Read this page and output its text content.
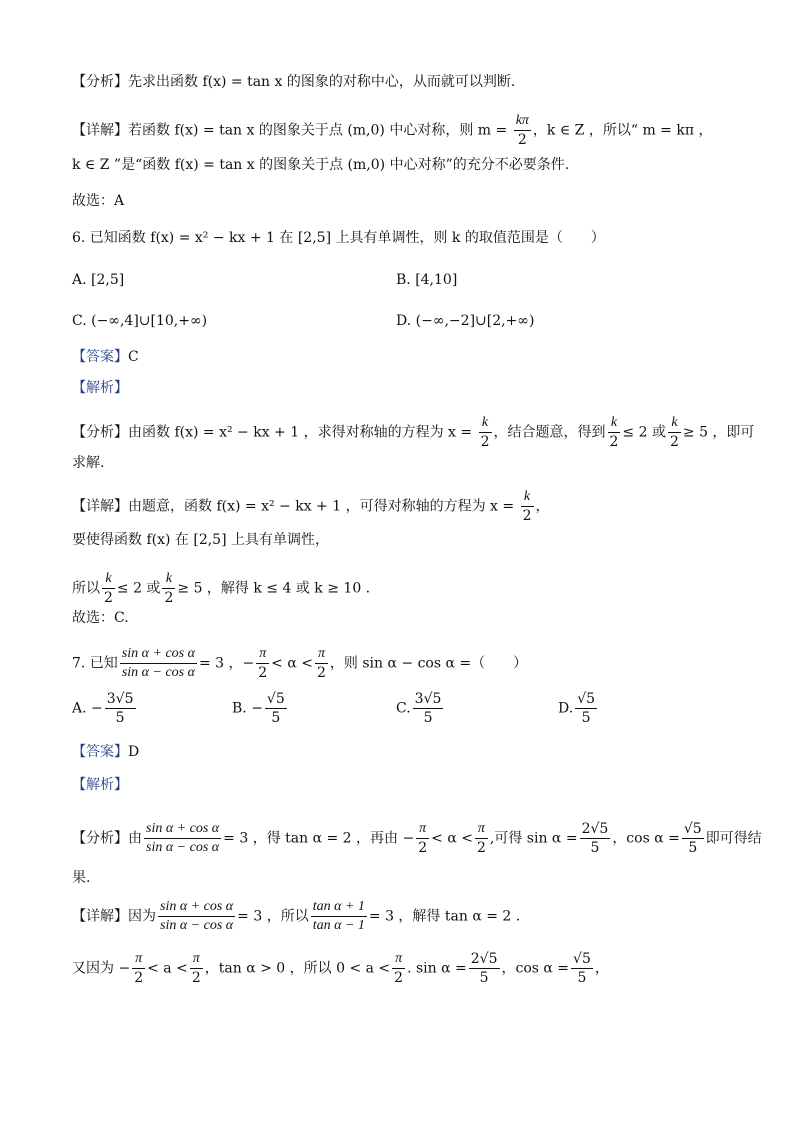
【分析】先求出函数 f(x) = tan x 的图象的对称中心，从而就可以判断.
【详解】若函数 f(x) = tan x 的图象关于点 (m,0) 中心对称，则 $m = \frac{k\pi}{2}$ ，k ∈ Z ，所以“ m = kπ ，
k ∈ Z ”是“函数 f(x) = tan x 的图象关于点 (m,0) 中心对称”的充分不必要条件.
故选：A
6. 已知函数 f(x) = x² − kx + 1 在 [2,5] 上具有单调性，则 k 的取值范围是（　　）
A. [2,5]	B. [4,10]
C. (−∞,4]∪[10,+∞)	D. (−∞,−2]∪[2,+∞)
【答案】C
【解析】
【分析】由函数 f(x) = x² − kx + 1 ，求得对称轴的方程为 $x = \frac{k}{2}$ ，结合题意，得到 $\frac{k}{2} \le 2$ 或 $\frac{k}{2} \ge 5$ ，即可
求解.
【详解】由题意，函数 f(x) = x² − kx + 1 ，可得对称轴的方程为 $x = \frac{k}{2}$ ，
要使得函数 f(x) 在 [2,5] 上具有单调性，
所以 $\frac{k}{2} \le 2$ 或 $\frac{k}{2} \ge 5$ ，解得 k ≤ 4 或 k ≥ 10 .
故选：C.
7. 已知 $\frac{\text{sin α + cos α}}{\text{sin α − cos α}} = 3$ ，− $\frac{\pi}{2} < \alpha < \frac{\pi}{2}$ ，则 sin α − cos α =（　　）
A. − $\frac{3√5}{5}$	B. − $\frac{√5}{5}$	C. $\frac{3√5}{5}$	D. $\frac{√5}{5}$
【答案】D
【解析】
【分析】由 $\frac{\text{sin α + cos α}}{\text{sin α − cos α}} = 3$ ，得 tan α = 2 ，再由 − $\frac{\pi}{2} < \alpha < \frac{\pi}{2}$ ,可得 $\sin \alpha = \frac{2√5}{5}$ ，$\cos \alpha = \frac{√5}{5}$ 即可得结
果.
【详解】因为 $\frac{\text{sin α + cos α}}{\text{sin α − cos α}} = 3$ ，所以 $\frac{\text{tan α + 1}}{\text{tan α − 1}} = 3$ ，解得 tan α = 2 .
又因为 − $\frac{\pi}{2} < a < \frac{\pi}{2}$ ，tan α > 0 ，所以 $0 < a < \frac{\pi}{2}$ . $\sin \alpha = \frac{2√5}{5}$ ，$\cos \alpha = \frac{√5}{5}$ ，
